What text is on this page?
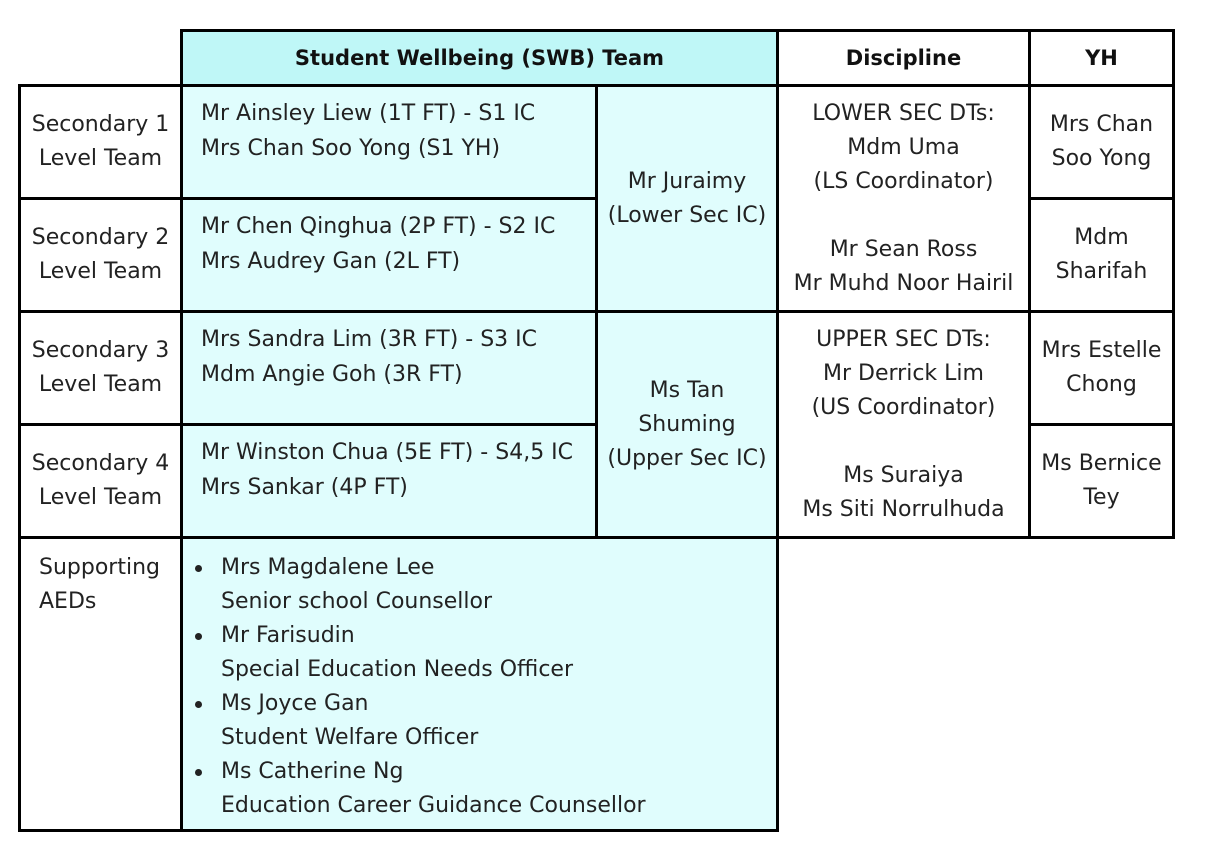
Student Wellbeing (SWB) Team	Discipline	YH
Secondary 1
Level Team
Secondary 2
Level Team
Secondary 3
Level Team
Secondary 4
Level Team
Supporting
AEDs
Mr Ainsley Liew (1T FT) - S1 IC
Mrs Chan Soo Yong (S1 YH)
Mr Chen Qinghua (2P FT) - S2 IC
Mrs Audrey Gan (2L FT)
Mrs Sandra Lim (3R FT) - S3 IC
Mdm Angie Goh (3R FT)
Mr Winston Chua (5E FT) - S4,5 IC
Mrs Sankar (4P FT)
Mr Juraimy
(Lower Sec IC)
Ms Tan
Shuming
(Upper Sec IC)
LOWER SEC DTs:
Mdm Uma
(LS Coordinator)
Mr Sean Ross
Mr Muhd Noor Hairil
UPPER SEC DTs:
Mr Derrick Lim
(US Coordinator)
Ms Suraiya
Ms Siti Norrulhuda
Mrs Chan
Soo Yong
Mdm
Sharifah
Mrs Estelle
Chong
Ms Bernice
Tey
Mrs Magdalene Lee
Senior school Counsellor
Mr Farisudin
Special Education Needs Officer
Ms Joyce Gan
Student Welfare Officer
Ms Catherine Ng
Education Career Guidance Counsellor
